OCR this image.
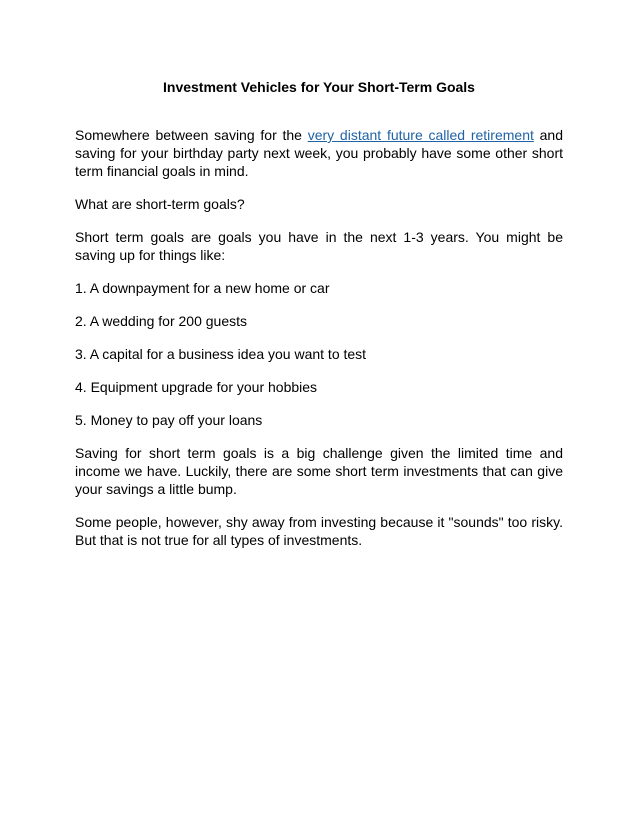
Investment Vehicles for Your Short-Term Goals

Somewhere between saving for the very distant future called retirement and saving for your birthday party next week, you probably have some other short term financial goals in mind.

What are short-term goals?

Short term goals are goals you have in the next 1-3 years. You might be saving up for things like:

1. A downpayment for a new home or car

2. A wedding for 200 guests

3. A capital for a business idea you want to test

4. Equipment upgrade for your hobbies

5. Money to pay off your loans

Saving for short term goals is a big challenge given the limited time and income we have. Luckily, there are some short term investments that can give your savings a little bump.

Some people, however, shy away from investing because it "sounds" too risky. But that is not true for all types of investments.
